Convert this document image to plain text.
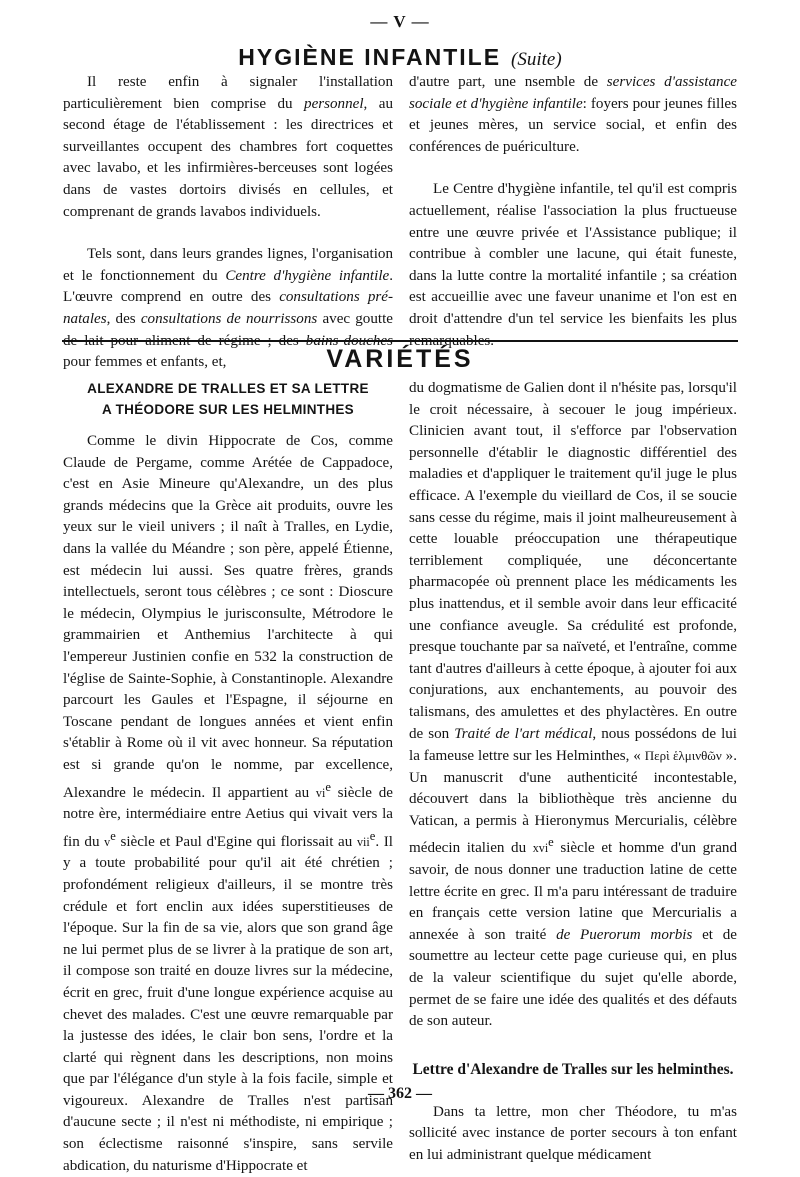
— V —
HYGIÈNE INFANTILE (Suite)

Il reste enfin à signaler l'installation particulièrement bien comprise du personnel, au second étage de l'établissement : les directrices et surveillantes occupent des chambres fort coquettes avec lavabo, et les infirmières-berceuses sont logées dans de vastes dortoirs divisés en cellules, et comprenant de grands lavabos individuels.

Tels sont, dans leurs grandes lignes, l'organisation et le fonctionnement du Centre d'hygiène infantile. L'œuvre comprend en outre des consultations pré-natales, des consultations de nourrissons avec goutte de lait pour aliment de régime ; des bains-douches pour femmes et enfants, et,

d'autre part, une nsemble de services d'assistance sociale et d'hygiène infantile: foyers pour jeunes filles et jeunes mères, un service social, et enfin des conférences de puériculture.

Le Centre d'hygiène infantile, tel qu'il est compris actuellement, réalise l'association la plus fructueuse entre une œuvre privée et l'Assistance publique; il contribue à combler une lacune, qui était funeste, dans la lutte contre la mortalité infantile ; sa création est accueillie avec une faveur unanime et l'on est en droit d'attendre d'un tel service les bienfaits les plus remarquables.

VARIÉTÉS
ALEXANDRE DE TRALLES ET SA LETTRE
A THÉODORE SUR LES HELMINTHES

Comme le divin Hippocrate de Cos, comme Claude de Pergame, comme Arétée de Cappadoce, c'est en Asie Mineure qu'Alexandre, un des plus grands médecins que la Grèce ait produits, ouvre les yeux sur le vieil univers ; il naît à Tralles, en Lydie, dans la vallée du Méandre ; son père, appelé Étienne, est médecin lui aussi. Ses quatre frères, grands intellectuels, seront tous célèbres ; ce sont : Dioscure le médecin, Olympius le jurisconsulte, Métrodore le grammairien et Anthemius l'architecte à qui l'empereur Justinien confie en 532 la construction de l'église de Sainte-Sophie, à Constantinople. Alexandre parcourt les Gaules et l'Espagne, il séjourne en Toscane pendant de longues années et vient enfin s'établir à Rome où il vit avec honneur. Sa réputation est si grande qu'on le nomme, par excellence, Alexandre le médecin. Il appartient au $vi^e$ siècle de notre ère, intermédiaire entre Aetius qui vivait vers la fin du $v^e$ siècle et Paul d'Egine qui florissait au vii$^e$. Il y a toute probabilité pour qu'il ait été chrétien ; profondément religieux d'ailleurs, il se montre très crédule et fort enclin aux idées superstitieuses de l'époque. Sur la fin de sa vie, alors que son grand âge ne lui permet plus de se livrer à la pratique de son art, il compose son traité en douze livres sur la médecine, écrit en grec, fruit d'une longue expérience acquise au chevet des malades. C'est une œuvre remarquable par la justesse des idées, le clair bon sens, l'ordre et la clarté qui règnent dans les descriptions, non moins que par l'élégance d'un style à la fois facile, simple et vigoureux. Alexandre de Tralles n'est partisan d'aucune secte ; il n'est ni méthodiste, ni empirique ; son éclectisme raisonné s'inspire, sans servile abdication, du naturisme d'Hippocrate et

du dogmatisme de Galien dont il n'hésite pas, lorsqu'il le croit nécessaire, à secouer le joug impérieux. Clinicien avant tout, il s'efforce par l'observation personnelle d'établir le diagnostic différentiel des maladies et d'appliquer le traitement qu'il juge le plus efficace. A l'exemple du vieillard de Cos, il se soucie sans cesse du régime, mais il joint malheureusement à cette louable préoccupation une thérapeutique terriblement compliquée, une déconcertante pharmacopée où prennent place les médicaments les plus inattendus, et il semble avoir dans leur efficacité une confiance aveugle. Sa crédulité est profonde, presque touchante par sa naïveté, et l'entraîne, comme tant d'autres d'ailleurs à cette époque, à ajouter foi aux conjurations, aux enchantements, au pouvoir des talismans, des amulettes et des phylactères. En outre de son Traité de l'art médical, nous possédons de lui la fameuse lettre sur les Helminthes, « Περὶ ἑλμινθῶν ». Un manuscrit d'une authenticité incontestable, découvert dans la bibliothèque très ancienne du Vatican, a permis à Hieronymus Mercurialis, célèbre médecin italien du xvi$^e$ siècle et homme d'un grand savoir, de nous donner une traduction latine de cette lettre écrite en grec. Il m'a paru intéressant de traduire en français cette version latine que Mercurialis a annexée à son traité de Puerorum morbis et de soumettre au lecteur cette page curieuse qui, en plus de la valeur scientifique du sujet qu'elle aborde, permet de se faire une idée des qualités et des défauts de son auteur.

Lettre d'Alexandre de Tralles sur les helminthes.

Dans ta lettre, mon cher Théodore, tu m'as sollicité avec instance de porter secours à ton enfant en lui administrant quelque médicament

— 362 —
